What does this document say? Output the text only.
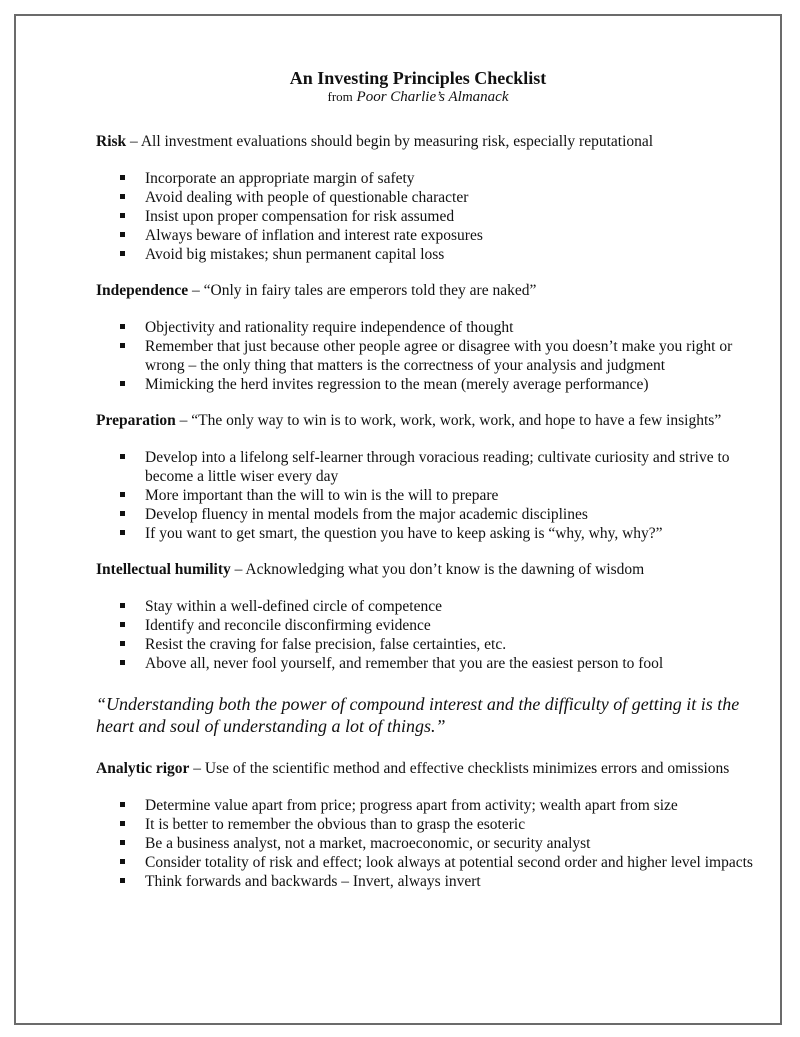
An Investing Principles Checklist
from Poor Charlie’s Almanack
Risk – All investment evaluations should begin by measuring risk, especially reputational
Incorporate an appropriate margin of safety
Avoid dealing with people of questionable character
Insist upon proper compensation for risk assumed
Always beware of inflation and interest rate exposures
Avoid big mistakes; shun permanent capital loss
Independence – “Only in fairy tales are emperors told they are naked”
Objectivity and rationality require independence of thought
Remember that just because other people agree or disagree with you doesn’t make you right or wrong – the only thing that matters is the correctness of your analysis and judgment
Mimicking the herd invites regression to the mean (merely average performance)
Preparation – “The only way to win is to work, work, work, work, and hope to have a few insights”
Develop into a lifelong self-learner through voracious reading; cultivate curiosity and strive to become a little wiser every day
More important than the will to win is the will to prepare
Develop fluency in mental models from the major academic disciplines
If you want to get smart, the question you have to keep asking is “why, why, why?”
Intellectual humility – Acknowledging what you don’t know is the dawning of wisdom
Stay within a well-defined circle of competence
Identify and reconcile disconfirming evidence
Resist the craving for false precision, false certainties, etc.
Above all, never fool yourself, and remember that you are the easiest person to fool
“Understanding both the power of compound interest and the difficulty of getting it is the heart and soul of understanding a lot of things.”
Analytic rigor – Use of the scientific method and effective checklists minimizes errors and omissions
Determine value apart from price; progress apart from activity; wealth apart from size
It is better to remember the obvious than to grasp the esoteric
Be a business analyst, not a market, macroeconomic, or security analyst
Consider totality of risk and effect; look always at potential second order and higher level impacts
Think forwards and backwards – Invert, always invert
